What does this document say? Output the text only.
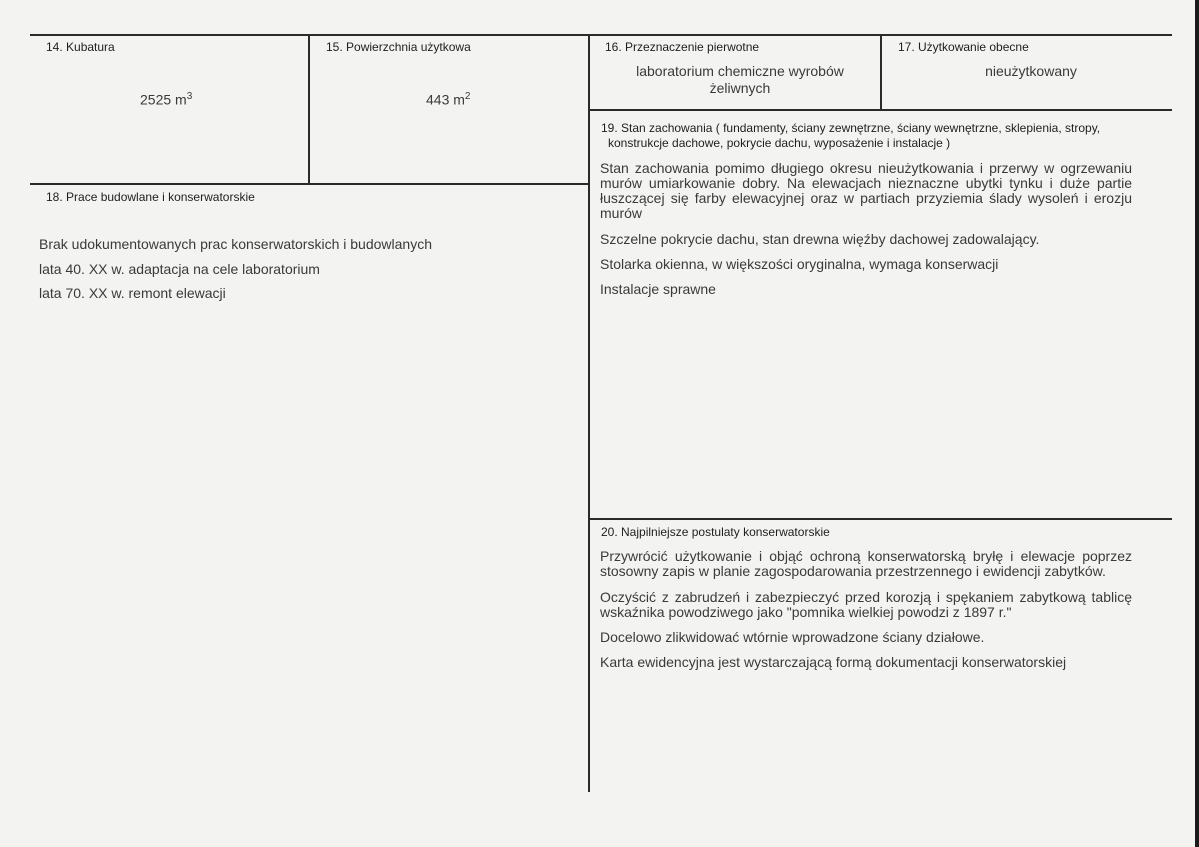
14. Kubatura
2525 $m^3$
15. Powierzchnia użytkowa
443 $m^2$
16. Przeznaczenie pierwotne
laboratorium chemiczne wyrobów żeliwnych
17. Użytkowanie obecne
nieużytkowany
18. Prace budowlane i konserwatorskie
Brak udokumentowanych prac konserwatorskich i budowlanych
lata 40. XX w. adaptacja na cele laboratorium
lata 70. XX w. remont elewacji
19. Stan zachowania ( fundamenty, ściany zewnętrzne, ściany wewnętrzne, sklepienia, stropy,
konstrukcje dachowe, pokrycie dachu, wyposażenie i instalacje )

Stan zachowania pomimo długiego okresu nieużytkowania i przerwy w ogrzewaniu murów umiarkowanie dobry. Na elewacjach nieznaczne ubytki tynku i duże partie łuszczącej się farby elewacyjnej oraz w partiach przyziemia ślady wysoleń i erozju murów

Szczelne pokrycie dachu, stan drewna więźby dachowej zadowalający.

Stolarka okienna, w większości oryginalna, wymaga konserwacji

Instalacje sprawne

20. Najpilniejsze postulaty konserwatorskie

Przywrócić użytkowanie i objąć ochroną konserwatorską bryłę i elewacje poprzez stosowny zapis w planie zagospodarowania przestrzennego i ewidencji zabytków.

Oczyścić z zabrudzeń i zabezpieczyć przed korozją i spękaniem zabytkową tablicę wskaźnika powodziwego jako "pomnika wielkiej powodzi z 1897 r."

Docelowo zlikwidować wtórnie wprowadzone ściany działowe.

Karta ewidencyjna jest wystarczającą formą dokumentacji konserwatorskiej
